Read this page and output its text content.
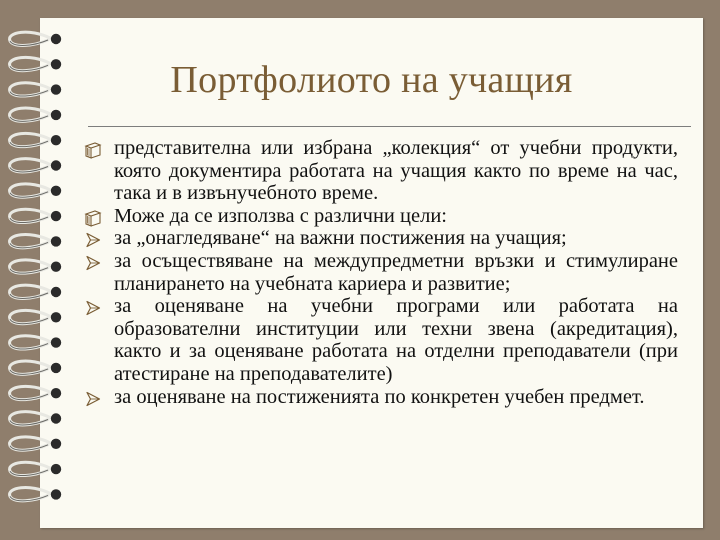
Портфолиото на учащия
представителна или избрана „колекция“ от учебни продукти, която документира работата на учащия както по време на час, така и в извънучебното време.
Може да се използва с различни цели:
за „онагледяване“ на важни постижения на учащия;
за осъществяване на междупредметни връзки и стимулиране планирането на учебната кариера и развитие;
за оценяване на учебни програми или работата на образователни институции или техни звена (акредитация), както и за оценяване работата на отделни преподаватели (при атестиране на преподавателите)
за оценяване на постиженията по конкретен учебен предмет.
